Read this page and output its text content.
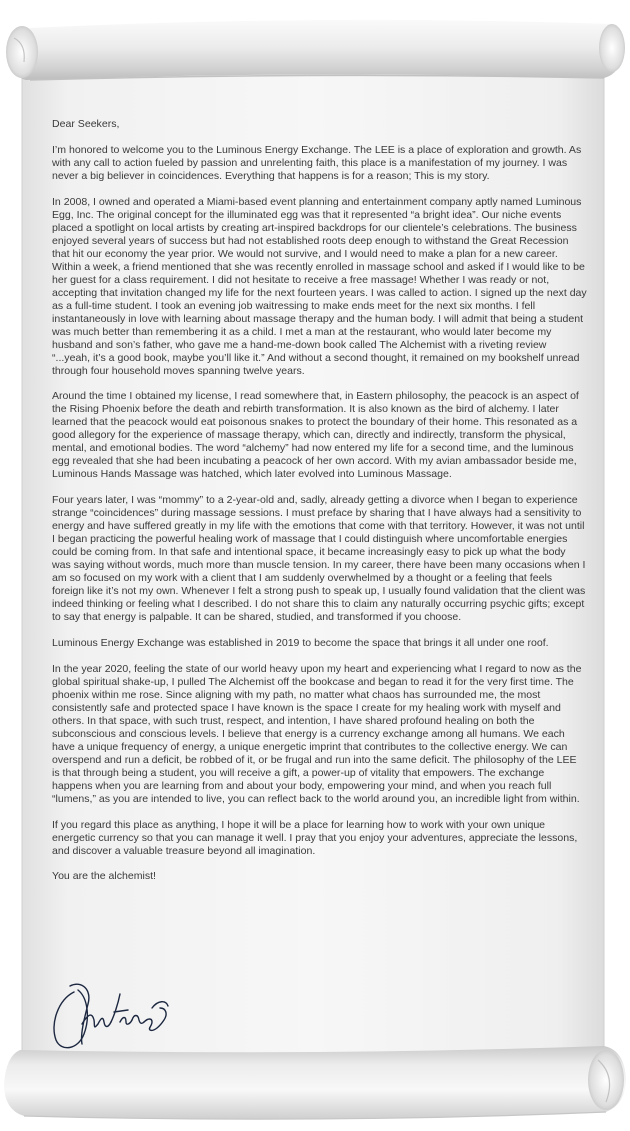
Dear Seekers,

I’m honored to welcome you to the Luminous Energy Exchange. The LEE is a place of exploration and growth. As with any call to action fueled by passion and unrelenting faith, this place is a manifestation of my journey. I was never a big believer in coincidences. Everything that happens is for a reason; This is my story.

In 2008, I owned and operated a Miami-based event planning and entertainment company aptly named Luminous Egg, Inc. The original concept for the illuminated egg was that it represented “a bright idea”. Our niche events placed a spotlight on local artists by creating art-inspired backdrops for our clientele’s celebrations. The business enjoyed several years of success but had not established roots deep enough to withstand the Great Recession that hit our economy the year prior. We would not survive, and I would need to make a plan for a new career. Within a week, a friend mentioned that she was recently enrolled in massage school and asked if I would like to be her guest for a class requirement. I did not hesitate to receive a free massage! Whether I was ready or not, accepting that invitation changed my life for the next fourteen years. I was called to action. I signed up the next day as a full-time student. I took an evening job waitressing to make ends meet for the next six months. I fell instantaneously in love with learning about massage therapy and the human body. I will admit that being a student was much better than remembering it as a child. I met a man at the restaurant, who would later become my husband and son’s father, who gave me a hand-me-down book called The Alchemist with a riveting review “...yeah, it’s a good book, maybe you’ll like it.” And without a second thought, it remained on my bookshelf unread through four household moves spanning twelve years.

Around the time I obtained my license, I read somewhere that, in Eastern philosophy, the peacock is an aspect of the Rising Phoenix before the death and rebirth transformation. It is also known as the bird of alchemy. I later learned that the peacock would eat poisonous snakes to protect the boundary of their home. This resonated as a good allegory for the experience of massage therapy, which can, directly and indirectly, transform the physical, mental, and emotional bodies. The word “alchemy” had now entered my life for a second time, and the luminous egg revealed that she had been incubating a peacock of her own accord. With my avian ambassador beside me, Luminous Hands Massage was hatched, which later evolved into Luminous Massage.

Four years later, I was “mommy” to a 2-year-old and, sadly, already getting a divorce when I began to experience strange “coincidences” during massage sessions. I must preface by sharing that I have always had a sensitivity to energy and have suffered greatly in my life with the emotions that come with that territory. However, it was not until I began practicing the powerful healing work of massage that I could distinguish where uncomfortable energies could be coming from. In that safe and intentional space, it became increasingly easy to pick up what the body was saying without words, much more than muscle tension. In my career, there have been many occasions when I am so focused on my work with a client that I am suddenly overwhelmed by a thought or a feeling that feels foreign like it’s not my own. Whenever I felt a strong push to speak up, I usually found validation that the client was indeed thinking or feeling what I described. I do not share this to claim any naturally occurring psychic gifts; except to say that energy is palpable. It can be shared, studied, and transformed if you choose.

Luminous Energy Exchange was established in 2019 to become the space that brings it all under one roof.

In the year 2020, feeling the state of our world heavy upon my heart and experiencing what I regard to now as the global spiritual shake-up, I pulled The Alchemist off the bookcase and began to read it for the very first time. The phoenix within me rose. Since aligning with my path, no matter what chaos has surrounded me, the most consistently safe and protected space I have known is the space I create for my healing work with myself and others. In that space, with such trust, respect, and intention, I have shared profound healing on both the subconscious and conscious levels. I believe that energy is a currency exchange among all humans. We each have a unique frequency of energy, a unique energetic imprint that contributes to the collective energy. We can overspend and run a deficit, be robbed of it, or be frugal and run into the same deficit. The philosophy of the LEE is that through being a student, you will receive a gift, a power-up of vitality that empowers. The exchange happens when you are learning from and about your body, empowering your mind, and when you reach full “lumens,” as you are intended to live, you can reflect back to the world around you, an incredible light from within.

If you regard this place as anything, I hope it will be a place for learning how to work with your own unique energetic currency so that you can manage it well. I pray that you enjoy your adventures, appreciate the lessons, and discover a valuable treasure beyond all imagination.

You are the alchemist!
